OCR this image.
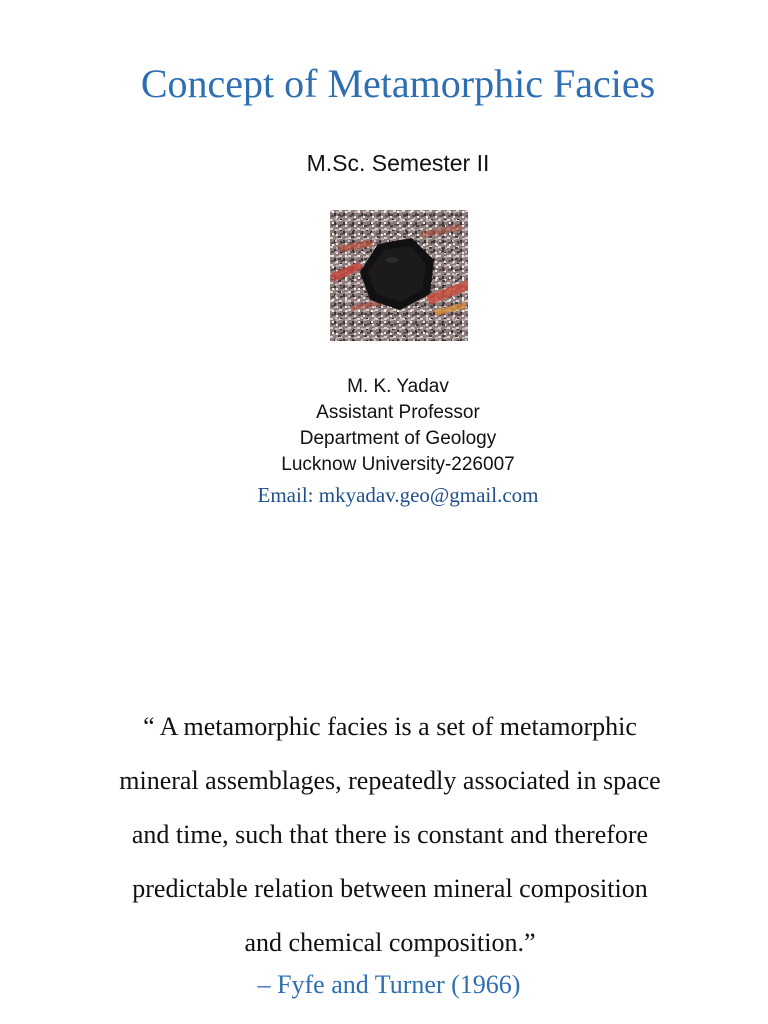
Concept of Metamorphic Facies
M.Sc. Semester II
M. K. Yadav
Assistant Professor
Department of Geology
Lucknow University-226007
Email: mkyadav.geo@gmail.com
“ A metamorphic facies is a set of metamorphic
mineral assemblages, repeatedly associated in space
and time, such that there is constant and therefore
predictable relation between mineral composition
and chemical composition.”
– Fyfe and Turner (1966)
